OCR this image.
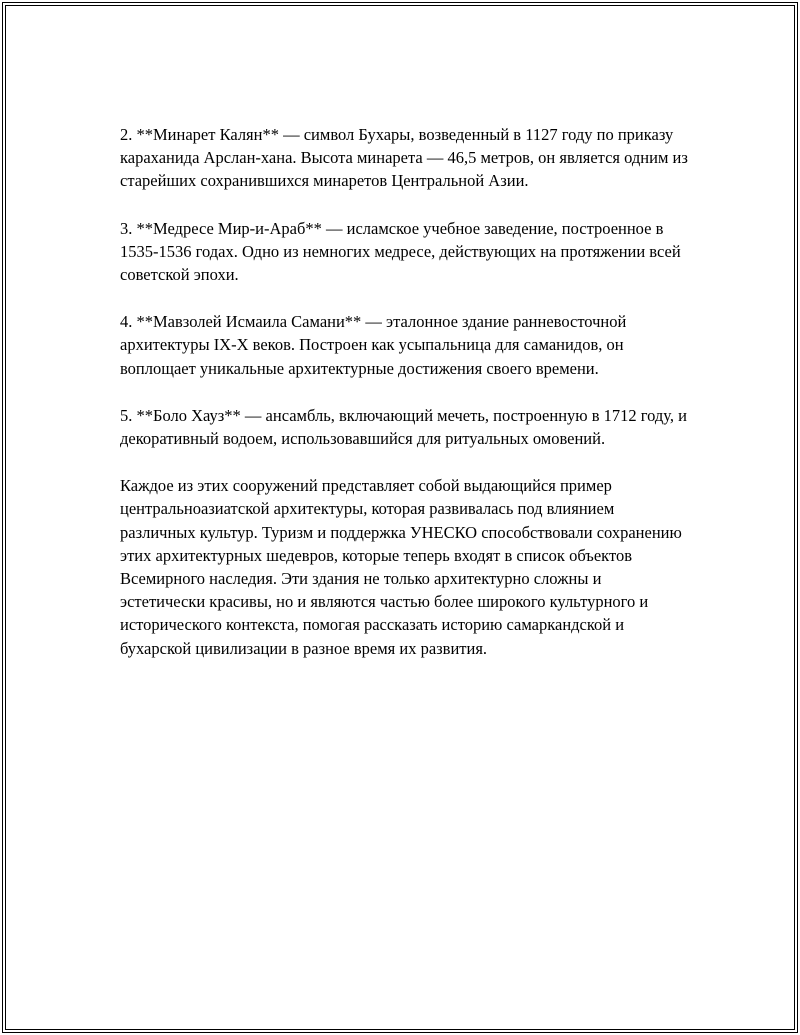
2. **Минарет Калян** — символ Бухары, возведенный в 1127 году по приказу караханида Арслан-хана. Высота минарета — 46,5 метров, он является одним из старейших сохранившихся минаретов Центральной Азии.

3. **Медресе Мир-и-Араб** — исламское учебное заведение, построенное в 1535-1536 годах. Одно из немногих медресе, действующих на протяжении всей советской эпохи.

4. **Мавзолей Исмаила Самани** — эталонное здание ранневосточной архитектуры IX-X веков. Построен как усыпальница для саманидов, он воплощает уникальные архитектурные достижения своего времени.

5. **Боло Хауз** — ансамбль, включающий мечеть, построенную в 1712 году, и декоративный водоем, использовавшийся для ритуальных омовений.

Каждое из этих сооружений представляет собой выдающийся пример центральноазиатской архитектуры, которая развивалась под влиянием различных культур. Туризм и поддержка УНЕСКО способствовали сохранению этих архитектурных шедевров, которые теперь входят в список объектов Всемирного наследия. Эти здания не только архитектурно сложны и эстетически красивы, но и являются частью более широкого культурного и исторического контекста, помогая рассказать историю самаркандской и бухарской цивилизации в разное время их развития.
